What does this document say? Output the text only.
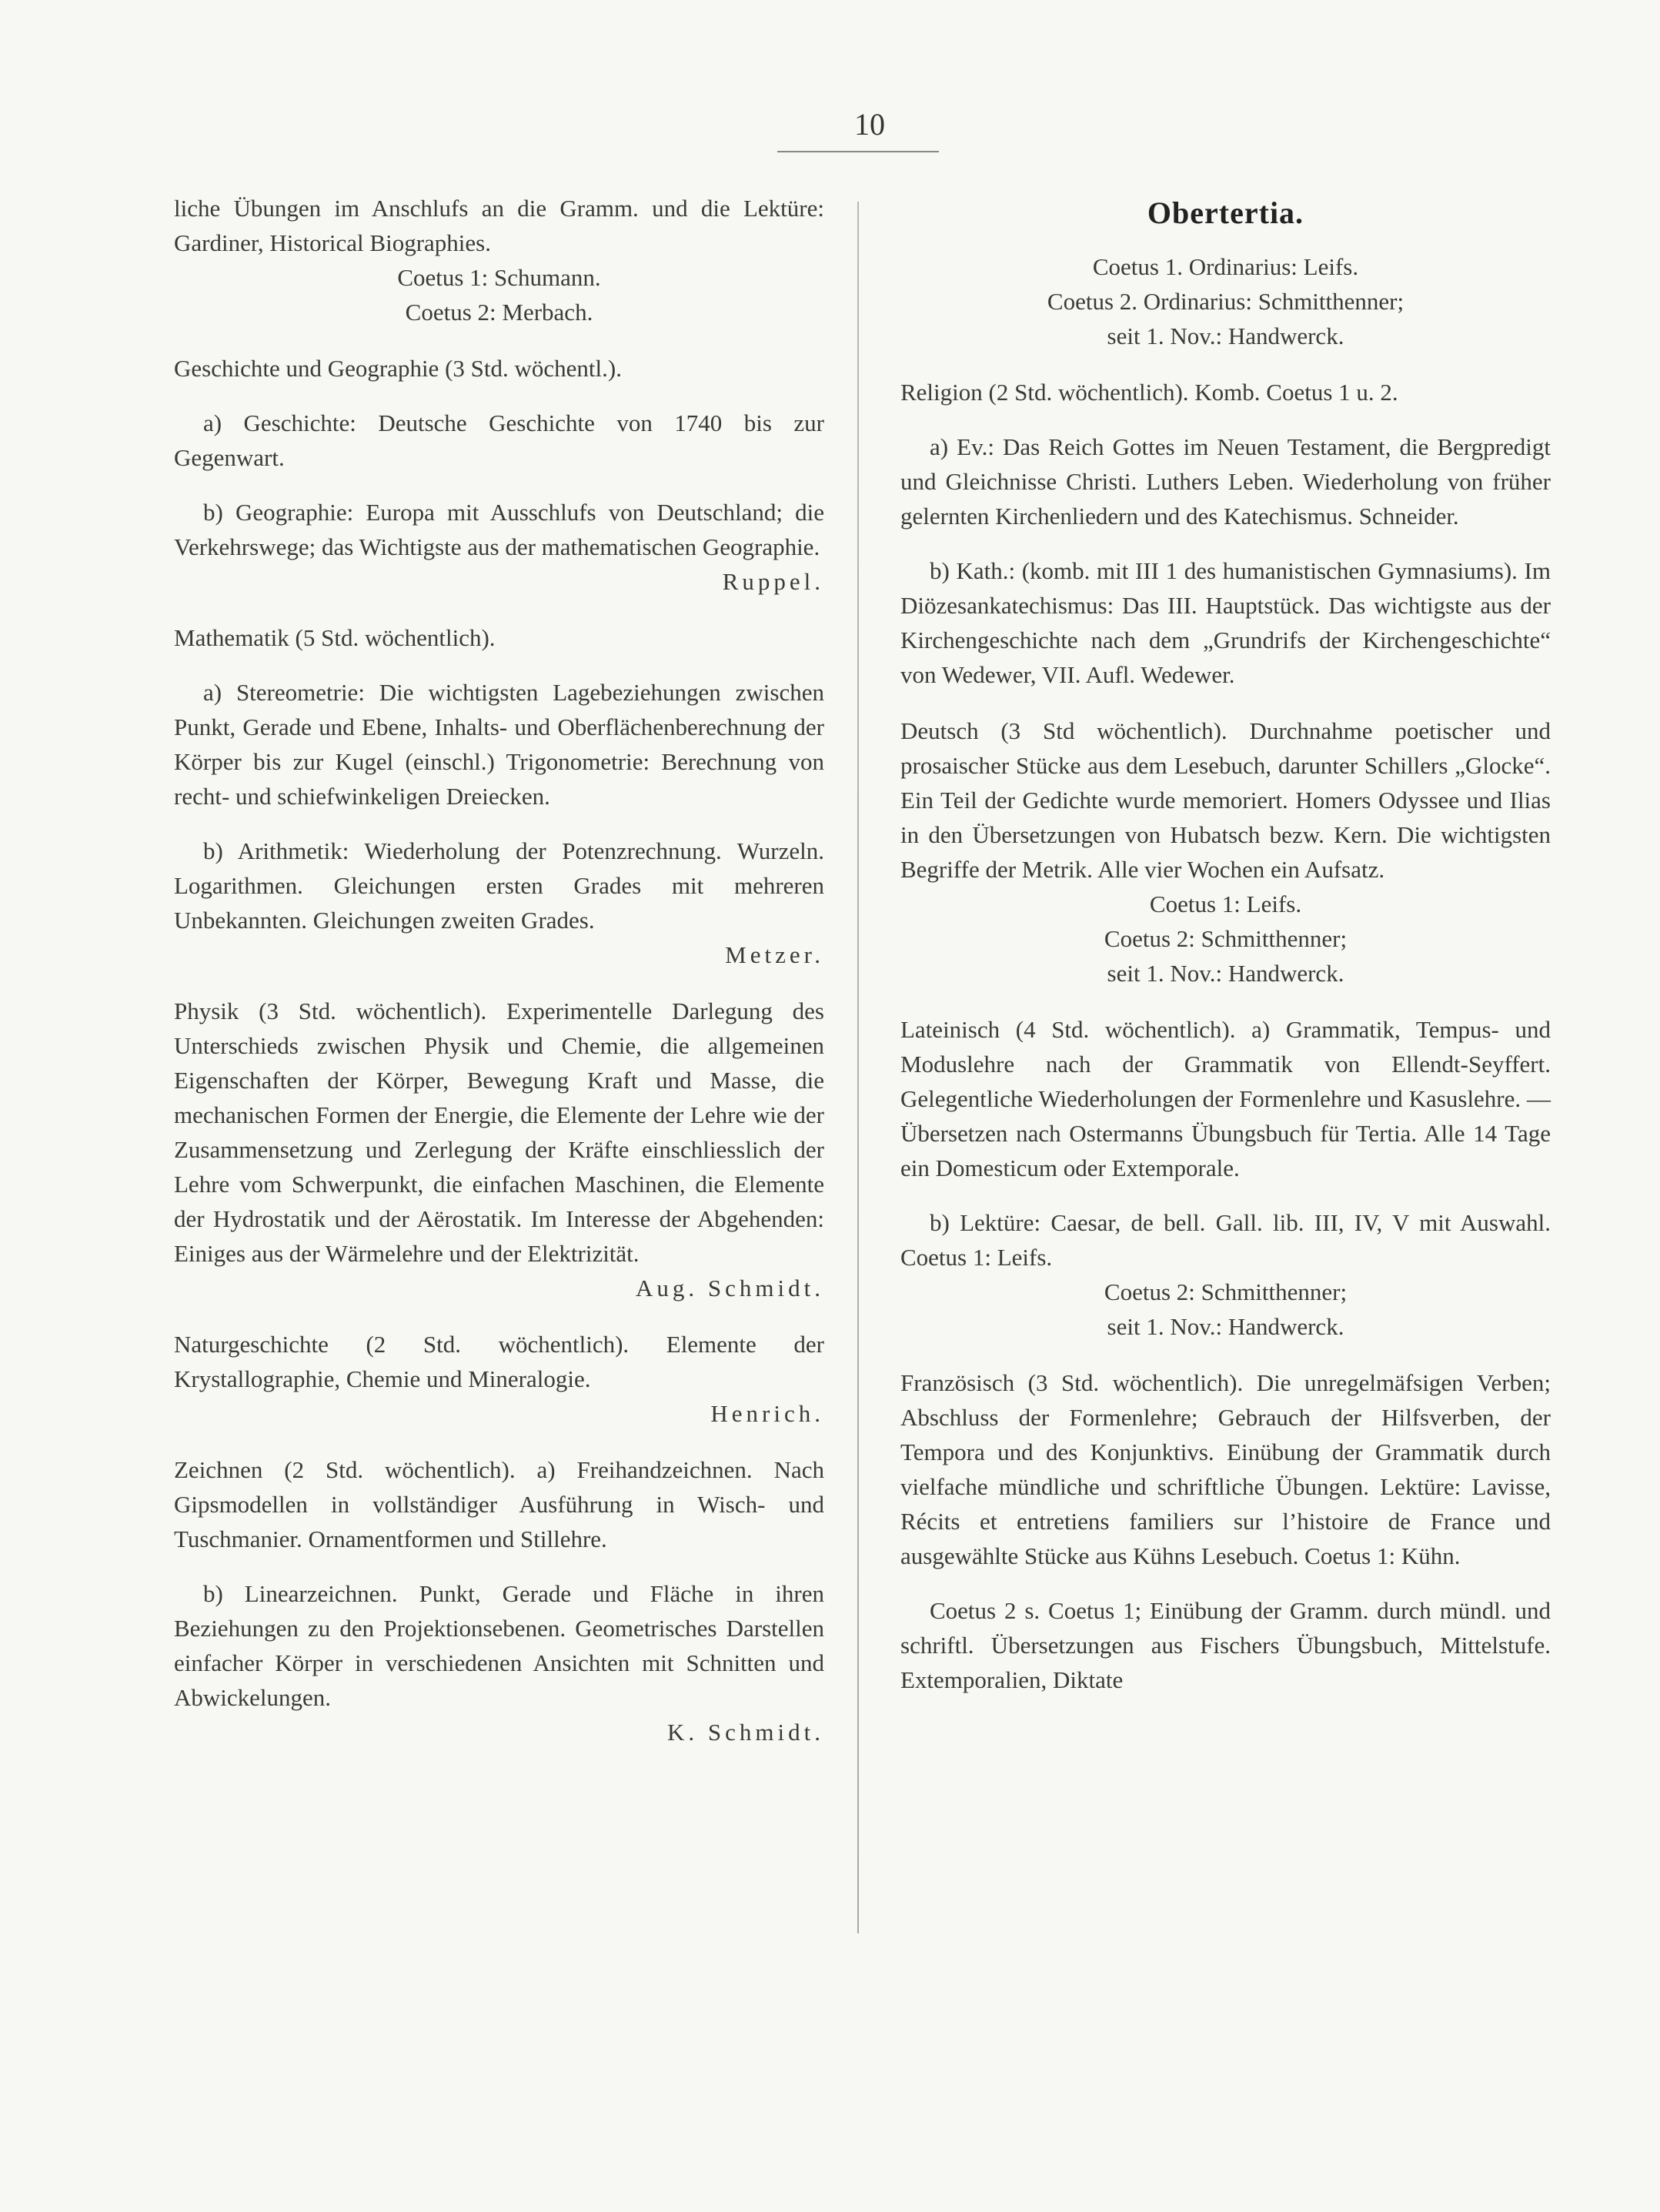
10

liche Übungen im Anschlufs an die Gramm. und die Lektüre: Gardiner, Historical Biographies.

Coetus 1: Schumann.

Coetus 2: Merbach.

Geschichte und Geographie (3 Std. wöchentl.).

a) Geschichte: Deutsche Geschichte von 1740 bis zur Gegenwart.

b) Geographie: Europa mit Ausschlufs von Deutschland; die Verkehrswege; das Wichtigste aus der mathematischen Geographie.

Ruppel.

Mathematik (5 Std. wöchentlich).

a) Stereometrie: Die wichtigsten Lagebeziehungen zwischen Punkt, Gerade und Ebene, Inhalts- und Oberflächenberechnung der Körper bis zur Kugel (einschl.) Trigonometrie: Berechnung von recht- und schiefwinkeligen Dreiecken.

b) Arithmetik: Wiederholung der Potenzrechnung. Wurzeln. Logarithmen. Gleichungen ersten Grades mit mehreren Unbekannten. Gleichungen zweiten Grades.

Metzer.

Physik (3 Std. wöchentlich). Experimentelle Darlegung des Unterschieds zwischen Physik und Chemie, die allgemeinen Eigenschaften der Körper, Bewegung Kraft und Masse, die mechanischen Formen der Energie, die Elemente der Lehre wie der Zusammensetzung und Zerlegung der Kräfte einschliesslich der Lehre vom Schwerpunkt, die einfachen Maschinen, die Elemente der Hydrostatik und der Aërostatik. Im Interesse der Abgehenden: Einiges aus der Wärmelehre und der Elektrizität.

Aug. Schmidt.

Naturgeschichte (2 Std. wöchentlich). Elemente der Krystallographie, Chemie und Mineralogie.

Henrich.

Zeichnen (2 Std. wöchentlich). a) Freihandzeichnen. Nach Gipsmodellen in vollständiger Ausführung in Wisch- und Tuschmanier. Ornamentformen und Stillehre.

b) Linearzeichnen. Punkt, Gerade und Fläche in ihren Beziehungen zu den Projektionsebenen. Geometrisches Darstellen einfacher Körper in verschiedenen Ansichten mit Schnitten und Abwickelungen.

K. Schmidt.

Obertertia.

Coetus 1. Ordinarius: Leifs.

Coetus 2. Ordinarius: Schmitthenner;

seit 1. Nov.: Handwerck.

Religion (2 Std. wöchentlich). Komb. Coetus 1 u. 2.

a) Ev.: Das Reich Gottes im Neuen Testament, die Bergpredigt und Gleichnisse Christi. Luthers Leben. Wiederholung von früher gelernten Kirchenliedern und des Katechismus. Schneider.

b) Kath.: (komb. mit III 1 des humanistischen Gymnasiums). Im Diözesankatechismus: Das III. Hauptstück. Das wichtigste aus der Kirchengeschichte nach dem „Grundrifs der Kirchengeschichte“ von Wedewer, VII. Aufl. Wedewer.

Deutsch (3 Std wöchentlich). Durchnahme poetischer und prosaischer Stücke aus dem Lesebuch, darunter Schillers „Glocke“. Ein Teil der Gedichte wurde memoriert. Homers Odyssee und Ilias in den Übersetzungen von Hubatsch bezw. Kern. Die wichtigsten Begriffe der Metrik. Alle vier Wochen ein Aufsatz.

Coetus 1: Leifs.

Coetus 2: Schmitthenner;

seit 1. Nov.: Handwerck.

Lateinisch (4 Std. wöchentlich). a) Grammatik, Tempus- und Moduslehre nach der Grammatik von Ellendt-Seyffert. Gelegentliche Wiederholungen der Formenlehre und Kasuslehre. — Übersetzen nach Ostermanns Übungsbuch für Tertia. Alle 14 Tage ein Domesticum oder Extemporale.

b) Lektüre: Caesar, de bell. Gall. lib. III, IV, V mit Auswahl. Coetus 1: Leifs.

Coetus 2: Schmitthenner;

seit 1. Nov.: Handwerck.

Französisch (3 Std. wöchentlich). Die unregelmäfsigen Verben; Abschluss der Formenlehre; Gebrauch der Hilfsverben, der Tempora und des Konjunktivs. Einübung der Grammatik durch vielfache mündliche und schriftliche Übungen. Lektüre: Lavisse, Récits et entretiens familiers sur l’histoire de France und ausgewählte Stücke aus Kühns Lesebuch. Coetus 1: Kühn.

Coetus 2 s. Coetus 1; Einübung der Gramm. durch mündl. und schriftl. Übersetzungen aus Fischers Übungsbuch, Mittelstufe. Extemporalien, Diktate
